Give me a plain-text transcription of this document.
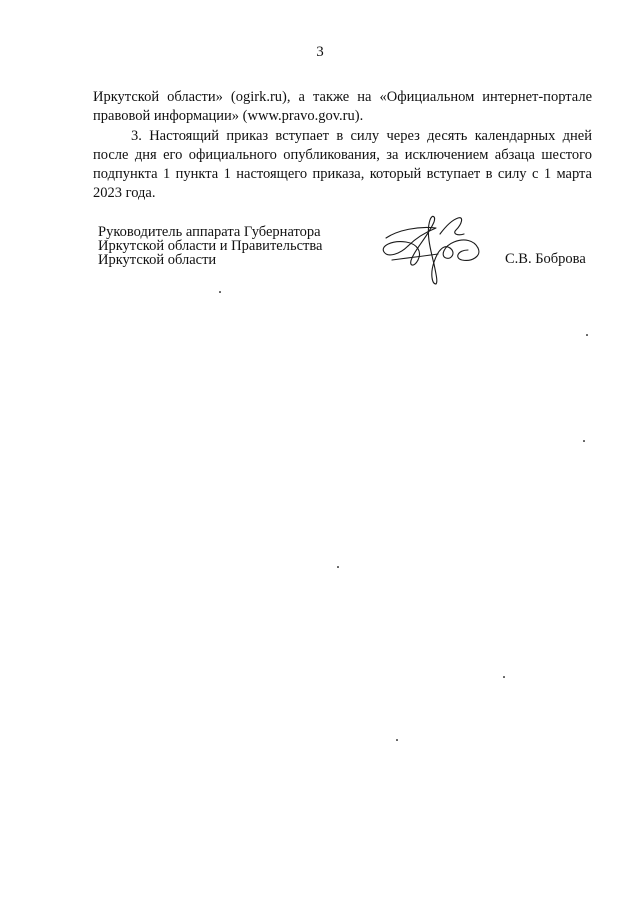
3

Иркутской области» (ogirk.ru), а также на «Официальном интернет-портале правовой информации» (www.pravo.gov.ru).

3. Настоящий приказ вступает в силу через десять календарных дней после дня его официального опубликования, за исключением абзаца шестого подпункта 1 пункта 1 настоящего приказа, который вступает в силу с 1 марта 2023 года.

Руководитель аппарата Губернатора
Иркутской области и Правительства
Иркутской области	С.В. Боброва
